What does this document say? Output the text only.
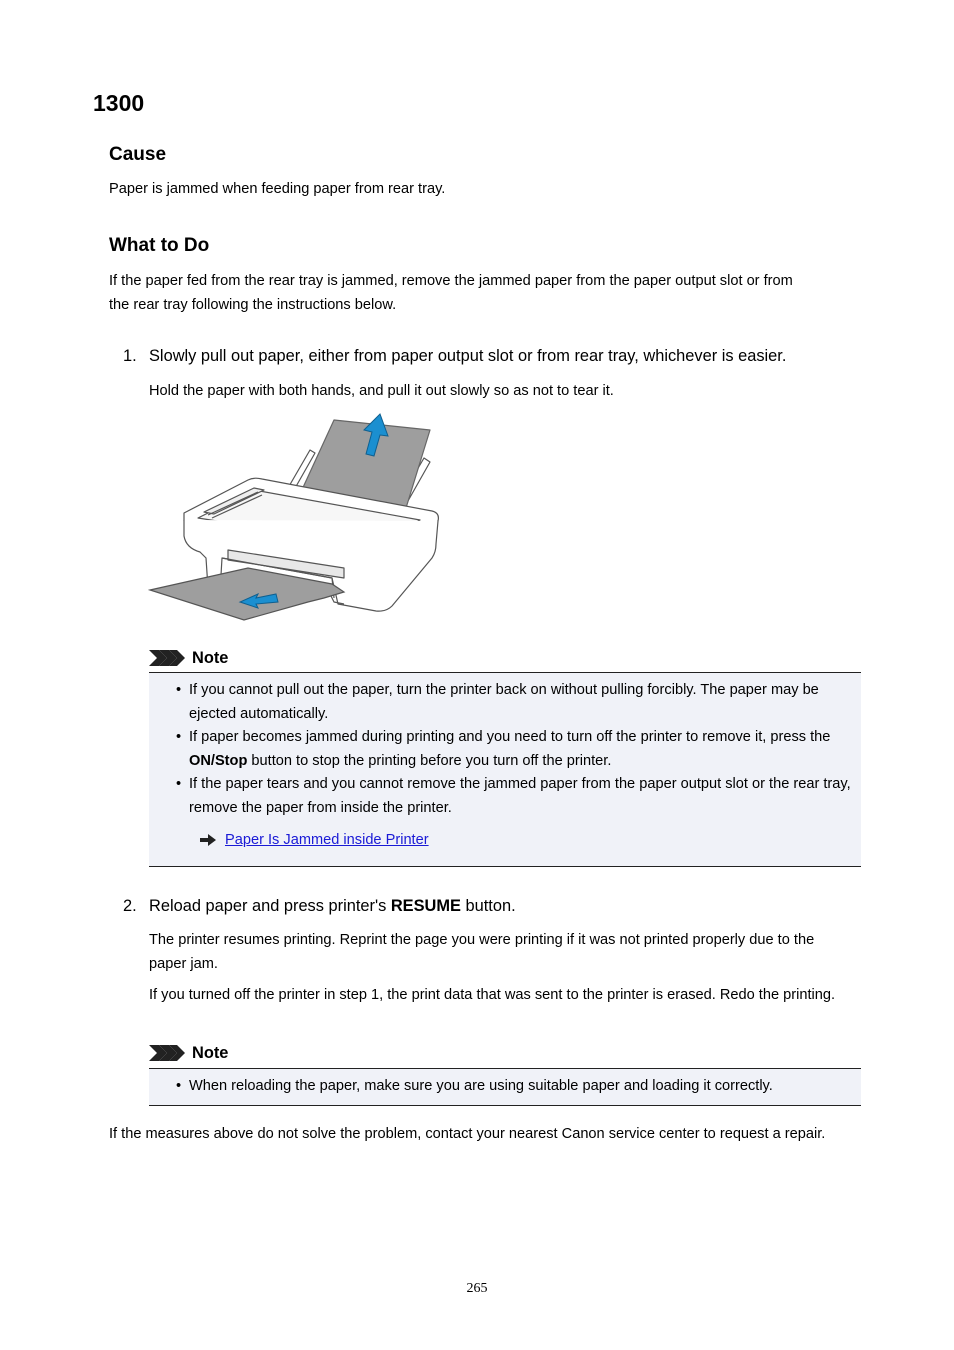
1300
Cause

Paper is jammed when feeding paper from rear tray.

What to Do

If the paper fed from the rear tray is jammed, remove the jammed paper from the paper output slot or from

the rear tray following the instructions below.

1. Slowly pull out paper, either from paper output slot or from rear tray, whichever is easier.

Hold the paper with both hands, and pull it out slowly so as not to tear it.

Note
• If you cannot pull out the paper, turn the printer back on without pulling forcibly. The paper may be ejected automatically.
• If paper becomes jammed during printing and you need to turn off the printer to remove it, press the ON/Stop button to stop the printing before you turn off the printer.
• If the paper tears and you cannot remove the jammed paper from the paper output slot or the rear tray, remove the paper from inside the printer.
Paper Is Jammed inside Printer

2. Reload paper and press printer's RESUME button.

The printer resumes printing. Reprint the page you were printing if it was not printed properly due to the paper jam.

If you turned off the printer in step 1, the print data that was sent to the printer is erased. Redo the printing.

Note
• When reloading the paper, make sure you are using suitable paper and loading it correctly.

If the measures above do not solve the problem, contact your nearest Canon service center to request a repair.

265
